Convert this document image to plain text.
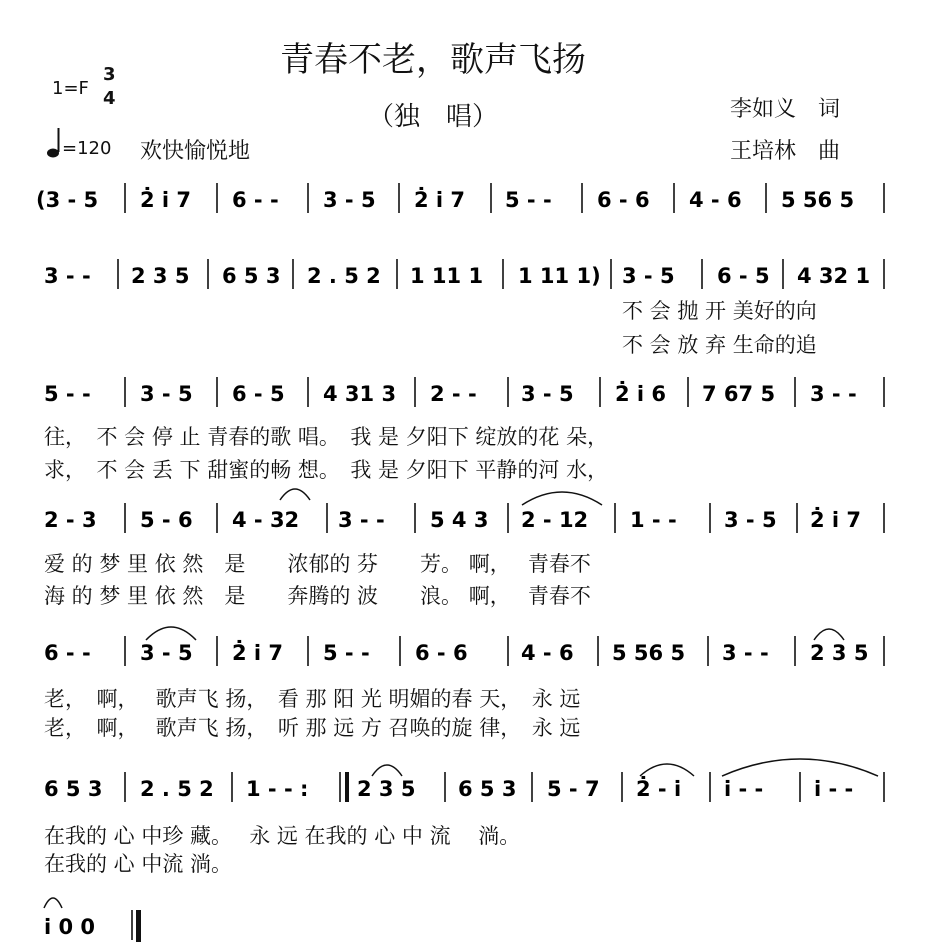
青春不老，歌声飞扬
（独　唱）
1=F
3
4
=120 欢快愉悦地
李如义　词
王培林　曲
(3 - 5 2̇ i̇ 7 6 - - 3 - 5 2̇ i̇ 7 5 - - 6 - 6 4 - 6 5 56 5
3 - - 2 3 5 6 5 3 2 . 5 2 1 11 1 1 11 1) 3 - 5 6 - 5 4 32 1
5 - - 3 - 5 6 - 5 4 31 3 2 - - 3 - 5 2̇ i̇ 6 7 67 5 3 - -
2 - 3 5 - 6 4 - 32 3 - - 5 4 3 2 - 12 1 - - 3 - 5 2̇ i̇ 7
6 - - 3 - 5 2̇ i̇ 7 5 - - 6 - 6	4 - 6 5 56 5 3 - - 2 3 5
6 5 3 2 . 5 2 1 - - : 2 3 5 6 5 3 5 - 7 2̇ - i̇ i̇ - - i̇ - -
i̇ 0 0
不 会 抛 开 美好的向
不 会 放 弃 生命的追
往，　不 会 停 止 青春的歌 唱。　我 是 夕阳下 绽放的花 朵，
求，　不 会 丢 下 甜蜜的畅 想。　我 是 夕阳下 平静的河 水，
爱 的 梦 里 依 然　是　　浓郁的 芬　　芳。 啊，　 青春不
海 的 梦 里 依 然　是　　奔腾的 波　　浪。 啊，　 青春不
老，　啊，　 歌声飞 扬，　看 那 阳 光 明媚的春 天，　永 远
老，　啊，　 歌声飞 扬，　听 那 远 方 召唤的旋 律，　永 远
在我的 心 中珍 藏。　 永 远 在我的 心 中 流　 淌。
在我的 心 中流 淌。
